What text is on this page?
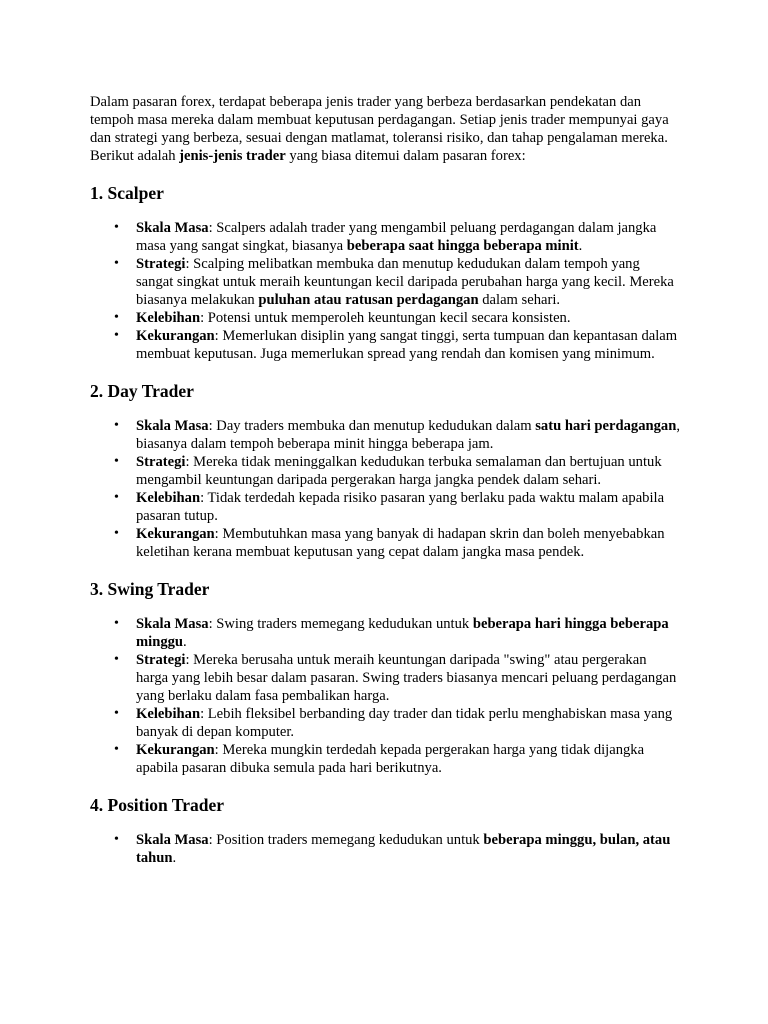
Dalam pasaran forex, terdapat beberapa jenis trader yang berbeza berdasarkan pendekatan dan tempoh masa mereka dalam membuat keputusan perdagangan. Setiap jenis trader mempunyai gaya dan strategi yang berbeza, sesuai dengan matlamat, toleransi risiko, dan tahap pengalaman mereka. Berikut adalah jenis-jenis trader yang biasa ditemui dalam pasaran forex:

1. Scalper
• Skala Masa: Scalpers adalah trader yang mengambil peluang perdagangan dalam jangka masa yang sangat singkat, biasanya beberapa saat hingga beberapa minit.
• Strategi: Scalping melibatkan membuka dan menutup kedudukan dalam tempoh yang sangat singkat untuk meraih keuntungan kecil daripada perubahan harga yang kecil. Mereka biasanya melakukan puluhan atau ratusan perdagangan dalam sehari.
• Kelebihan: Potensi untuk memperoleh keuntungan kecil secara konsisten.
• Kekurangan: Memerlukan disiplin yang sangat tinggi, serta tumpuan dan kepantasan dalam membuat keputusan. Juga memerlukan spread yang rendah dan komisen yang minimum.
2. Day Trader
• Skala Masa: Day traders membuka dan menutup kedudukan dalam satu hari perdagangan, biasanya dalam tempoh beberapa minit hingga beberapa jam.
• Strategi: Mereka tidak meninggalkan kedudukan terbuka semalaman dan bertujuan untuk mengambil keuntungan daripada pergerakan harga jangka pendek dalam sehari.
• Kelebihan: Tidak terdedah kepada risiko pasaran yang berlaku pada waktu malam apabila pasaran tutup.
• Kekurangan: Membutuhkan masa yang banyak di hadapan skrin dan boleh menyebabkan keletihan kerana membuat keputusan yang cepat dalam jangka masa pendek.
3. Swing Trader
• Skala Masa: Swing traders memegang kedudukan untuk beberapa hari hingga beberapa minggu.
• Strategi: Mereka berusaha untuk meraih keuntungan daripada "swing" atau pergerakan harga yang lebih besar dalam pasaran. Swing traders biasanya mencari peluang perdagangan yang berlaku dalam fasa pembalikan harga.
• Kelebihan: Lebih fleksibel berbanding day trader dan tidak perlu menghabiskan masa yang banyak di depan komputer.
• Kekurangan: Mereka mungkin terdedah kepada pergerakan harga yang tidak dijangka apabila pasaran dibuka semula pada hari berikutnya.
4. Position Trader
• Skala Masa: Position traders memegang kedudukan untuk beberapa minggu, bulan, atau tahun.
